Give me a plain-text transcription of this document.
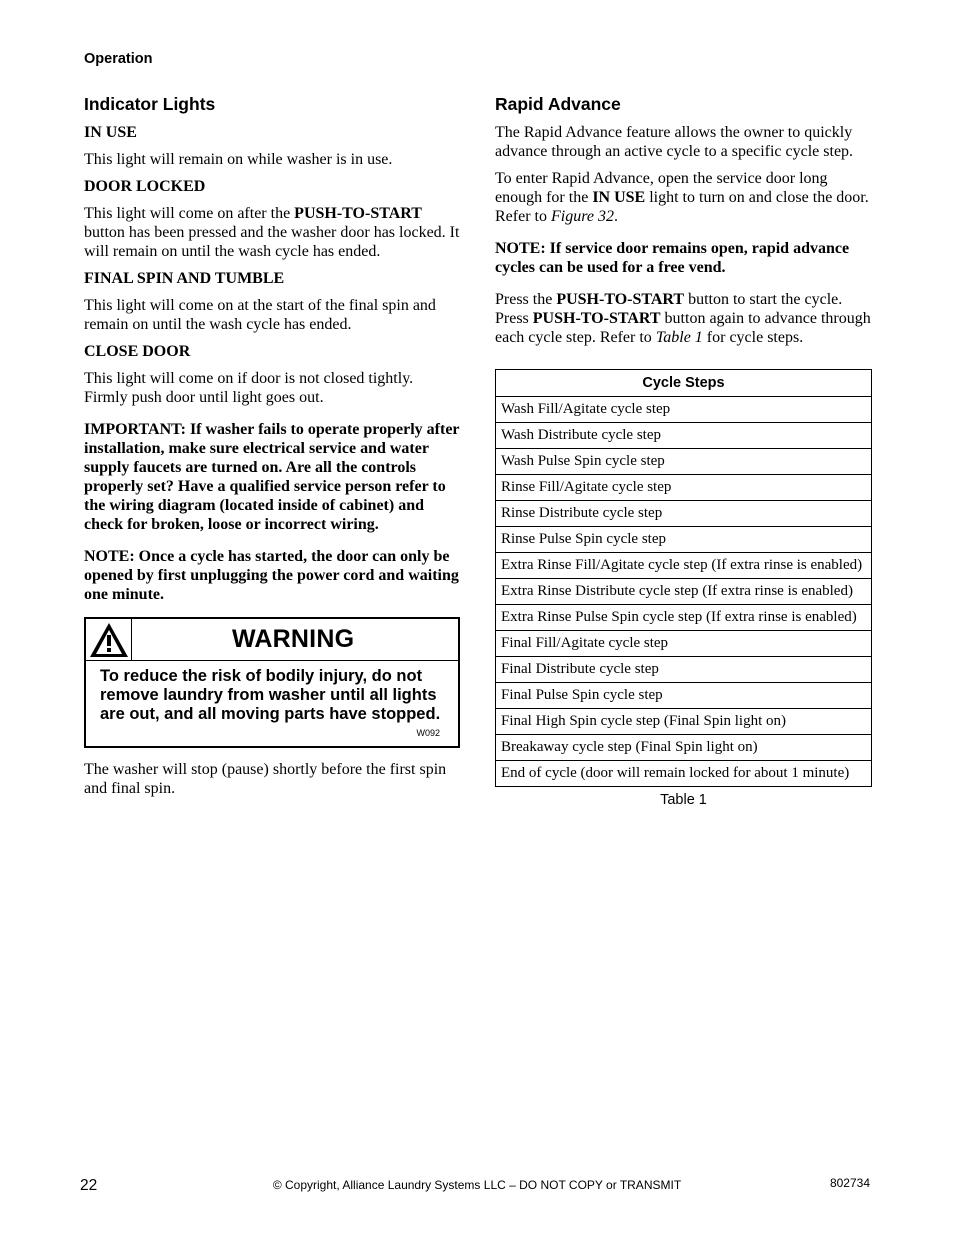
Operation
Indicator Lights
IN USE

This light will remain on while washer is in use.

DOOR LOCKED

This light will come on after the PUSH-TO-START button has been pressed and the washer door has locked. It will remain on until the wash cycle has ended.

FINAL SPIN AND TUMBLE

This light will come on at the start of the final spin and remain on until the wash cycle has ended.

CLOSE DOOR

This light will come on if door is not closed tightly. Firmly push door until light goes out.

IMPORTANT: If washer fails to operate properly after installation, make sure electrical service and water supply faucets are turned on. Are all the controls properly set? Have a qualified service person refer to the wiring diagram (located inside of cabinet) and check for broken, loose or incorrect wiring.

NOTE: Once a cycle has started, the door can only be opened by first unplugging the power cord and waiting one minute.

WARNING
To reduce the risk of bodily injury, do not remove laundry from washer until all lights are out, and all moving parts have stopped.
W092

The washer will stop (pause) shortly before the first spin and final spin.

Rapid Advance

The Rapid Advance feature allows the owner to quickly advance through an active cycle to a specific cycle step.

To enter Rapid Advance, open the service door long enough for the IN USE light to turn on and close the door. Refer to Figure 32.

NOTE: If service door remains open, rapid advance cycles can be used for a free vend.

Press the PUSH-TO-START button to start the cycle. Press PUSH-TO-START button again to advance through each cycle step. Refer to Table 1 for cycle steps.

Cycle Steps
Wash Fill/Agitate cycle step
Wash Distribute cycle step
Wash Pulse Spin cycle step
Rinse Fill/Agitate cycle step
Rinse Distribute cycle step
Rinse Pulse Spin cycle step
Extra Rinse Fill/Agitate cycle step (If extra rinse is enabled)
Extra Rinse Distribute cycle step (If extra rinse is enabled)
Extra Rinse Pulse Spin cycle step (If extra rinse is enabled)
Final Fill/Agitate cycle step
Final Distribute cycle step
Final Pulse Spin cycle step
Final High Spin cycle step (Final Spin light on)
Breakaway cycle step (Final Spin light on)
End of cycle (door will remain locked for about 1 minute)
Table 1
22	© Copyright, Alliance Laundry Systems LLC – DO NOT COPY or TRANSMIT	802734
